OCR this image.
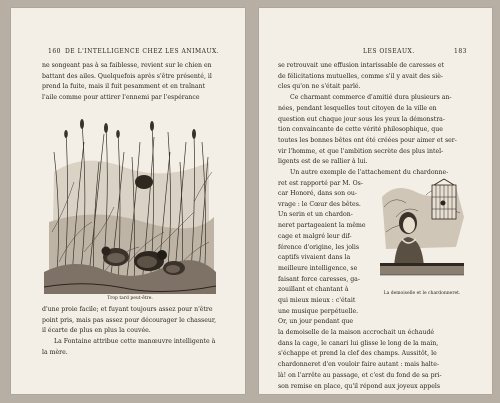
160 DE L'INTELLIGENCE CHEZ LES ANIMAUX.
ne songeant pas à sa faiblesse, revient sur le chien en
battant des ailes. Quelquefois après s'être présenté, il
prend la fuite, mais il fuit pesamment et en traînant
l'aile comme pour attirer l'ennemi par l'espérance
Trop tard peut-être.
d'une proie facile; et fuyant toujours assez pour n'être
point pris, mais pas assez pour décourager le chasseur,
il écarte de plus en plus la couvée.
La Fontaine attribue cette manœuvre intelligente à
la mère.
LES OISEAUX.	183
se retrouvait une effusion intarissable de caresses et
de félicitations mutuelles, comme s'il y avait des siè-
cles qu'on ne s'était parlé.
Ce charmant commerce d'amitié dura plusieurs an-
nées, pendant lesquelles tout citoyen de la ville en
question eut chaque jour sous les yeux la démonstra-
tion convaincante de cette vérité philosophique, que
toutes les bonnes bêtes ont été créées pour aimer et ser-
vir l'homme, et que l'ambition secrète des plus intel-
ligents est de se rallier à lui.
Un autre exemple de l'attachement du chardonne-
ret est rapporté par M. Os-
car Honoré, dans son ou-
vrage : le Cœur des bêtes.
Un serin et un chardon-
neret partageaient la même
cage et malgré leur dif-
férence d'origine, les jolis
captifs vivaient dans la
meilleure intelligence, se
faisant force caresses, ga-
zouillant et chantant à
qui mieux mieux : c'était
une musique perpétuelle.
Or, un jour pendant que
La demoiselle et le chardonneret.
la demoiselle de la maison accrochait un échaudé
dans la cage, le canari lui glisse le long de la main,
s'échappe et prend la clef des champs. Aussitôt, le
chardonneret d'en vouloir faire autant : mais halte-
là! on l'arrête au passage, et c'est du fond de sa pri-
son remise en place, qu'il répond aux joyeux appels
